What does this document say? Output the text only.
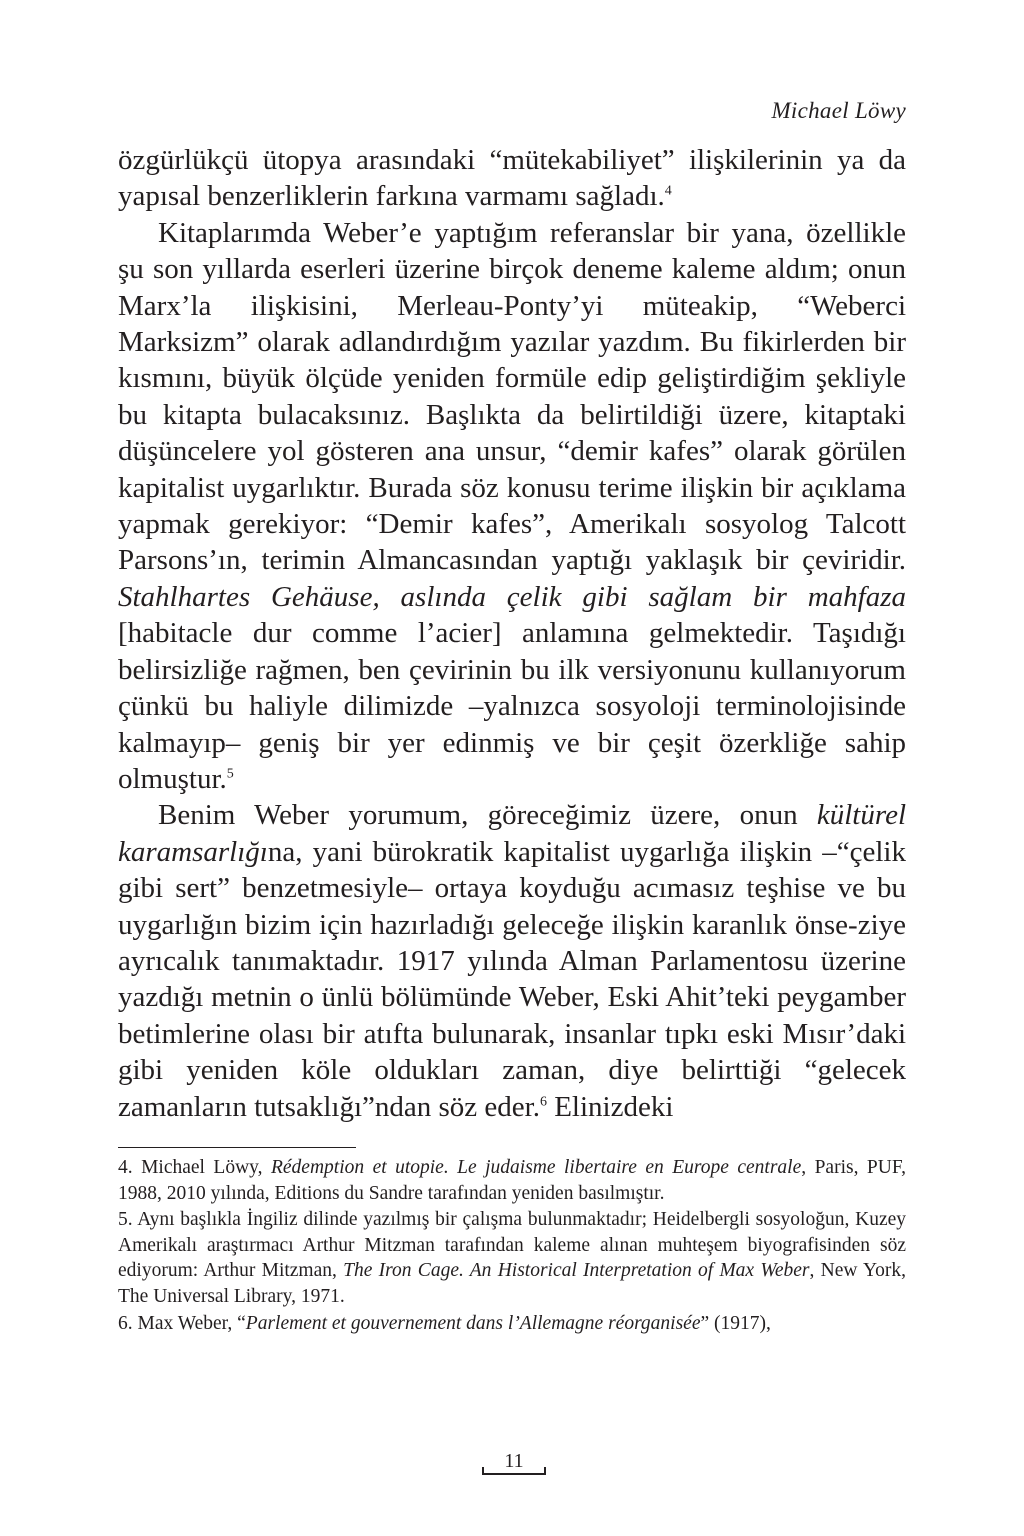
Michael Löwy

özgürlükçü ütopya arasındaki “mütekabiliyet” ilişkilerinin ya da yapısal benzerliklerin farkına varmamı sağladı.$^4$

Kitaplarımda Weber’e yaptığım referanslar bir yana, özellikle şu son yıllarda eserleri üzerine birçok deneme kaleme aldım; onun Marx’la ilişkisini, Merleau-Ponty’yi müteakip, “Weberci Marksizm” olarak adlandırdığım yazılar yazdım. Bu fikirlerden bir kısmını, büyük ölçüde yeniden formüle edip geliştirdiğim şekliyle bu kitapta bulacaksınız. Başlıkta da belirtildiği üzere, kitaptaki düşüncelere yol gösteren ana unsur, “demir kafes” olarak görülen kapitalist uygarlıktır. Burada söz konusu terime ilişkin bir açıklama yapmak gerekiyor: “Demir kafes”, Amerikalı sosyolog Talcott Parsons’ın, terimin Almancasından yaptığı yaklaşık bir çeviridir. Stahlhartes Gehäuse, aslında çelik gibi sağlam bir mahfaza [habitacle dur comme l’acier] anlamına gelmektedir. Taşıdığı belirsizliğe rağmen, ben çevirinin bu ilk versiyonunu kullanıyorum çünkü bu haliyle dilimizde –yalnızca sosyoloji terminolojisinde kalmayıp– geniş bir yer edinmiş ve bir çeşit özerkliğe sahip olmuştur.$^5$

Benim Weber yorumum, göreceğimiz üzere, onun kültürel karamsarlığına, yani bürokratik kapitalist uygarlığa ilişkin –“çelik gibi sert” benzetmesiyle– ortaya koyduğu acımasız teşhise ve bu uygarlığın bizim için hazırladığı geleceğe ilişkin karanlık önse-ziye ayrıcalık tanımaktadır. 1917 yılında Alman Parlamentosu üzerine yazdığı metnin o ünlü bölümünde Weber, Eski Ahit’teki peygamber betimlerine olası bir atıfta bulunarak, insanlar tıpkı eski Mısır’daki gibi yeniden köle oldukları zaman, diye belirttiği “gelecek zamanların tutsaklığı”ndan söz eder.$^6$ Elinizdeki

4. Michael Löwy, Rédemption et utopie. Le judaisme libertaire en Europe centrale, Paris, PUF, 1988, 2010 yılında, Editions du Sandre tarafından yeniden basılmıştır.

5. Aynı başlıkla İngiliz dilinde yazılmış bir çalışma bulunmaktadır; Heidelbergli sosyoloğun, Kuzey Amerikalı araştırmacı Arthur Mitzman tarafından kaleme alınan muhteşem biyografisinden söz ediyorum: Arthur Mitzman, The Iron Cage. An Historical Interpretation of Max Weber, New York, The Universal Library, 1971.

6. Max Weber, “Parlement et gouvernement dans l’Allemagne réorganisée” (1917),

11
